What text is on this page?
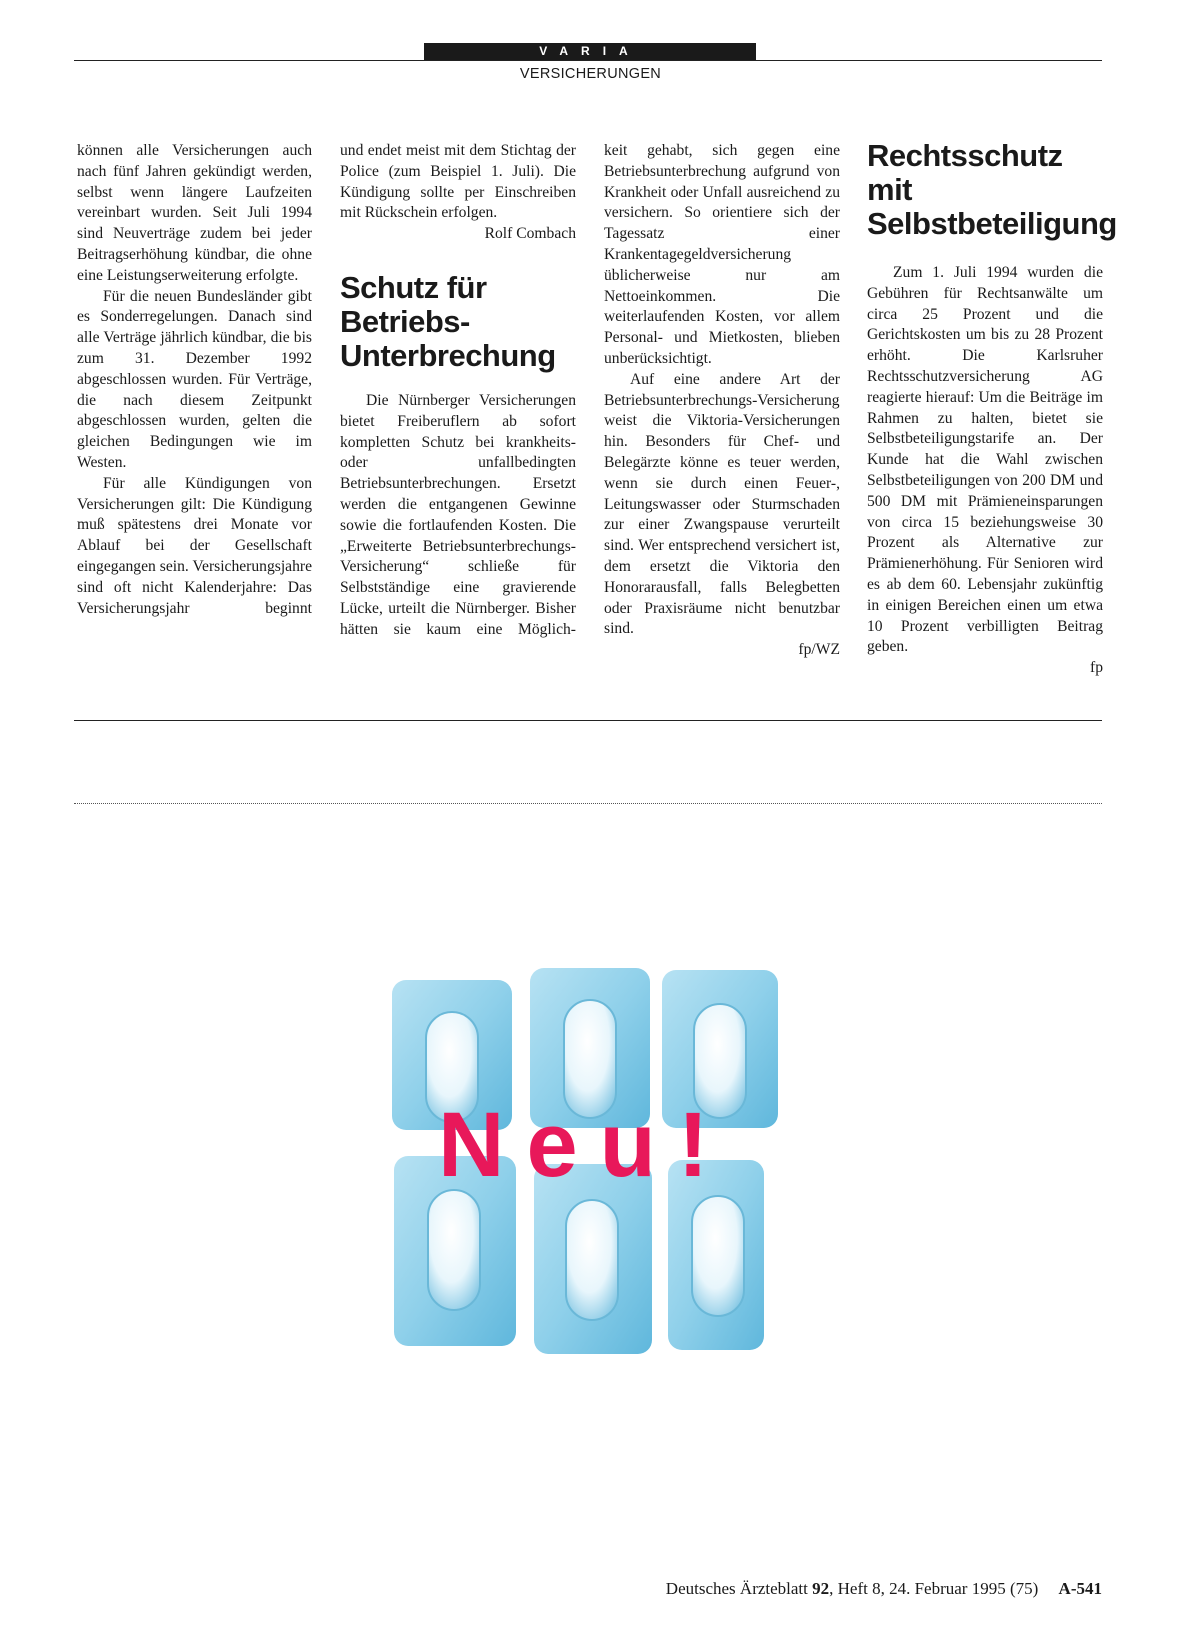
VARIA
VERSICHERUNGEN

können alle Versicherungen auch nach fünf Jahren gekündigt werden, selbst wenn längere Laufzeiten vereinbart wurden. Seit Juli 1994 sind Neuverträge zudem bei jeder Beitragserhöhung kündbar, die ohne eine Leistungserweiterung erfolgte.

Für die neuen Bundesländer gibt es Sonderregelungen. Danach sind alle Verträge jährlich kündbar, die bis zum 31. Dezember 1992 abgeschlossen wurden. Für Verträge, die nach diesem Zeitpunkt abgeschlossen wurden, gelten die gleichen Bedingungen wie im Westen.

Für alle Kündigungen von Versicherungen gilt: Die Kündigung muß spätestens drei Monate vor Ablauf bei der Gesellschaft eingegangen sein. Versicherungsjahre sind oft nicht Kalenderjahre: Das Versicherungsjahr beginnt

und endet meist mit dem Stichtag der Police (zum Beispiel 1. Juli). Die Kündigung sollte per Einschreiben mit Rückschein erfolgen.

Rolf Combach

Schutz für Betriebs-Unterbrechung

Die Nürnberger Versicherungen bietet Freiberuflern ab sofort kompletten Schutz bei krankheits- oder unfallbedingten Betriebsunterbrechungen. Ersetzt werden die entgangenen Gewinne sowie die fortlaufenden Kosten. Die „Erweiterte Betriebsunterbrechungs-Versicherung“ schließe für Selbstständige eine gravierende Lücke, urteilt die Nürnberger. Bisher hätten sie kaum eine Möglich-

keit gehabt, sich gegen eine Betriebsunterbrechung aufgrund von Krankheit oder Unfall ausreichend zu versichern. So orientiere sich der Tagessatz einer Krankentagegeldversicherung üblicherweise nur am Nettoeinkommen. Die weiterlaufenden Kosten, vor allem Personal- und Mietkosten, blieben unberücksichtigt.

Auf eine andere Art der Betriebsunterbrechungs-Versicherung weist die Viktoria-Versicherungen hin. Besonders für Chef- und Belegärzte könne es teuer werden, wenn sie durch einen Feuer-, Leitungswasser oder Sturmschaden zur einer Zwangspause verurteilt sind. Wer entsprechend versichert ist, dem ersetzt die Viktoria den Honorarausfall, falls Belegbetten oder Praxisräume nicht benutzbar sind.

fp/WZ

Rechtsschutz mit Selbstbeteiligung

Zum 1. Juli 1994 wurden die Gebühren für Rechtsanwälte um circa 25 Prozent und die Gerichtskosten um bis zu 28 Prozent erhöht. Die Karlsruher Rechtsschutzversicherung AG reagierte hierauf: Um die Beiträge im Rahmen zu halten, bietet sie Selbstbeteiligungstarife an. Der Kunde hat die Wahl zwischen Selbstbeteiligungen von 200 DM und 500 DM mit Prämieneinsparungen von circa 15 beziehungsweise 30 Prozent als Alternative zur Prämienerhöhung. Für Senioren wird es ab dem 60. Lebensjahr zukünftig in einigen Bereichen einen um etwa 10 Prozent verbilligten Beitrag geben.

fp

Neu!
Deutsches Ärzteblatt 92, Heft 8, 24. Februar 1995 (75) A-541
